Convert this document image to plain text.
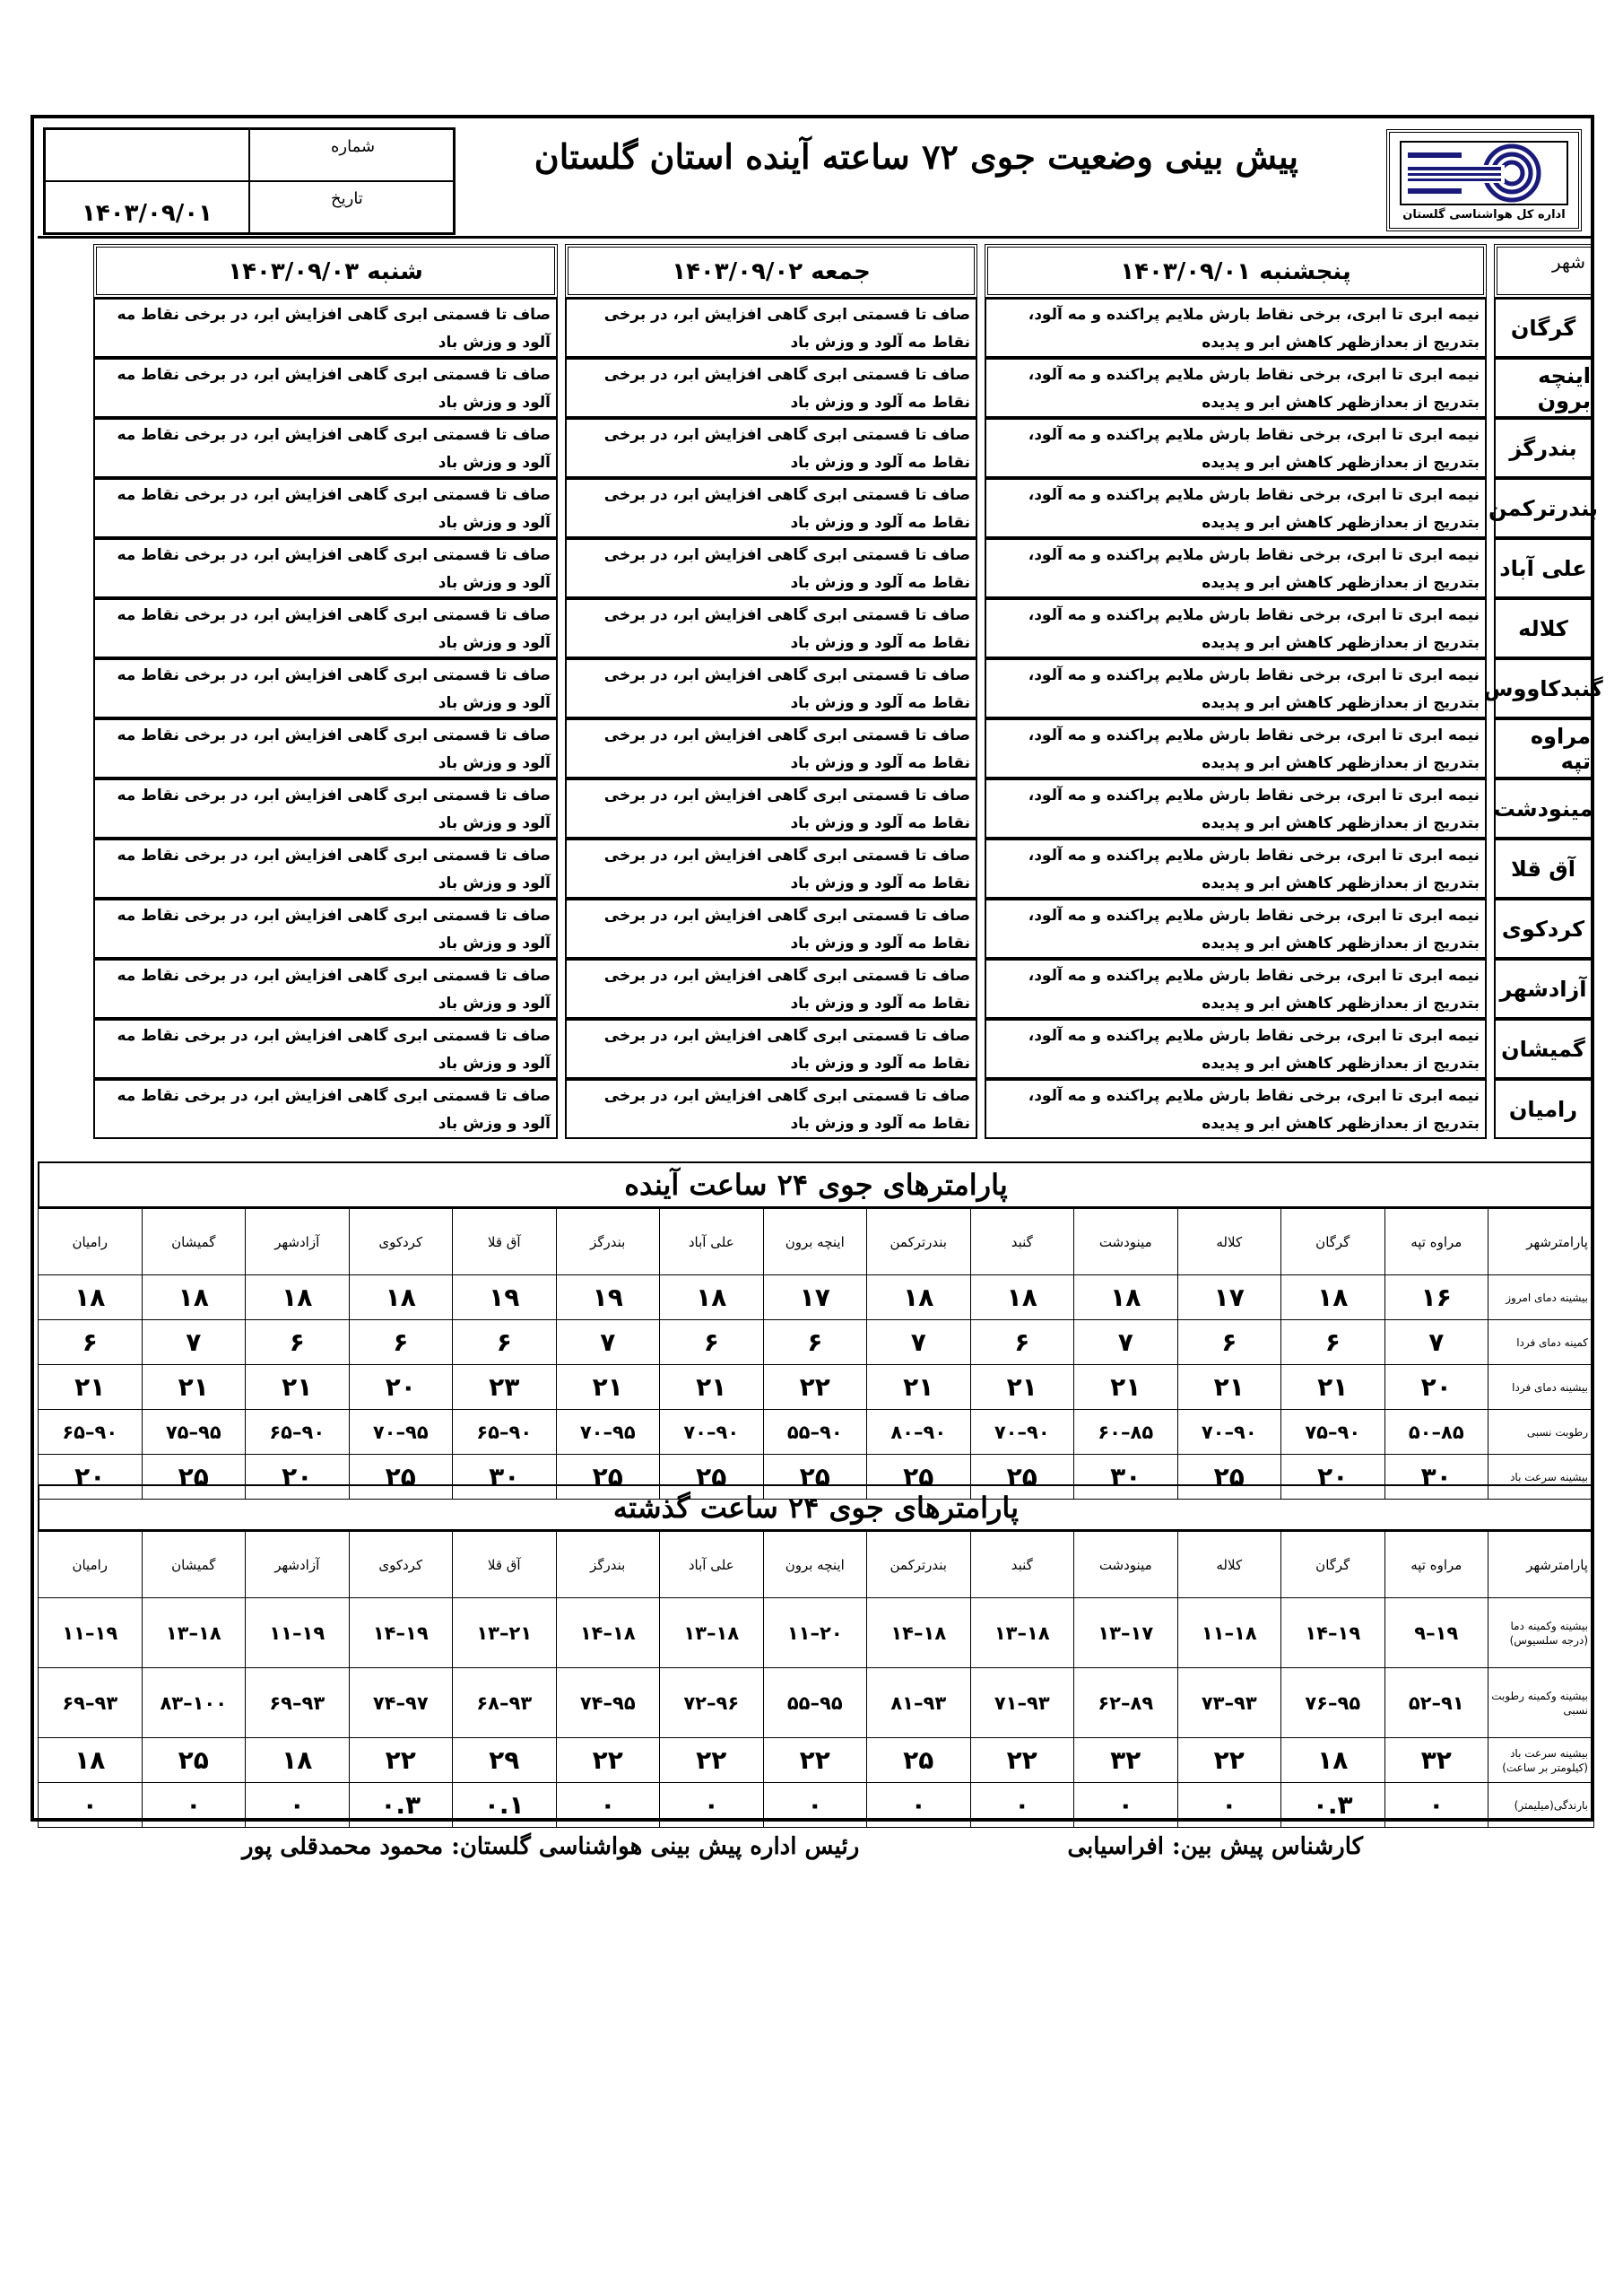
اداره کل هواشناسی گلستان
پیش بینی وضعیت جوی ۷۲ ساعته آینده استان گلستان
شماره
تاریخ
۱۴۰۳/۰۹/۰۱
شهر
پنجشنبه ۱۴۰۳/۰۹/۰۱
جمعه ۱۴۰۳/۰۹/۰۲
شنبه ۱۴۰۳/۰۹/۰۳
گرگان
نیمه ابری تا ابری، برخی نقاط بارش ملایم پراکنده و مه آلود، بتدریج از بعدازظهر کاهش ابر و پدیده
صاف تا قسمتی ابری گاهی افزایش ابر، در برخی نقاط مه آلود و وزش باد
صاف تا قسمتی ابری گاهی افزایش ابر، در برخی نقاط مه آلود و وزش باد
اینچه برون
نیمه ابری تا ابری، برخی نقاط بارش ملایم پراکنده و مه آلود، بتدریج از بعدازظهر کاهش ابر و پدیده
صاف تا قسمتی ابری گاهی افزایش ابر، در برخی نقاط مه آلود و وزش باد
صاف تا قسمتی ابری گاهی افزایش ابر، در برخی نقاط مه آلود و وزش باد
بندرگز
نیمه ابری تا ابری، برخی نقاط بارش ملایم پراکنده و مه آلود، بتدریج از بعدازظهر کاهش ابر و پدیده
صاف تا قسمتی ابری گاهی افزایش ابر، در برخی نقاط مه آلود و وزش باد
صاف تا قسمتی ابری گاهی افزایش ابر، در برخی نقاط مه آلود و وزش باد
بندرترکمن
نیمه ابری تا ابری، برخی نقاط بارش ملایم پراکنده و مه آلود، بتدریج از بعدازظهر کاهش ابر و پدیده
صاف تا قسمتی ابری گاهی افزایش ابر، در برخی نقاط مه آلود و وزش باد
صاف تا قسمتی ابری گاهی افزایش ابر، در برخی نقاط مه آلود و وزش باد
علی آباد
نیمه ابری تا ابری، برخی نقاط بارش ملایم پراکنده و مه آلود، بتدریج از بعدازظهر کاهش ابر و پدیده
صاف تا قسمتی ابری گاهی افزایش ابر، در برخی نقاط مه آلود و وزش باد
صاف تا قسمتی ابری گاهی افزایش ابر، در برخی نقاط مه آلود و وزش باد
کلاله
نیمه ابری تا ابری، برخی نقاط بارش ملایم پراکنده و مه آلود، بتدریج از بعدازظهر کاهش ابر و پدیده
صاف تا قسمتی ابری گاهی افزایش ابر، در برخی نقاط مه آلود و وزش باد
صاف تا قسمتی ابری گاهی افزایش ابر، در برخی نقاط مه آلود و وزش باد
گنبدکاووس
نیمه ابری تا ابری، برخی نقاط بارش ملایم پراکنده و مه آلود، بتدریج از بعدازظهر کاهش ابر و پدیده
صاف تا قسمتی ابری گاهی افزایش ابر، در برخی نقاط مه آلود و وزش باد
صاف تا قسمتی ابری گاهی افزایش ابر، در برخی نقاط مه آلود و وزش باد
مراوه تپه
نیمه ابری تا ابری، برخی نقاط بارش ملایم پراکنده و مه آلود، بتدریج از بعدازظهر کاهش ابر و پدیده
صاف تا قسمتی ابری گاهی افزایش ابر، در برخی نقاط مه آلود و وزش باد
صاف تا قسمتی ابری گاهی افزایش ابر، در برخی نقاط مه آلود و وزش باد
مینودشت
نیمه ابری تا ابری، برخی نقاط بارش ملایم پراکنده و مه آلود، بتدریج از بعدازظهر کاهش ابر و پدیده
صاف تا قسمتی ابری گاهی افزایش ابر، در برخی نقاط مه آلود و وزش باد
صاف تا قسمتی ابری گاهی افزایش ابر، در برخی نقاط مه آلود و وزش باد
آق قلا
نیمه ابری تا ابری، برخی نقاط بارش ملایم پراکنده و مه آلود، بتدریج از بعدازظهر کاهش ابر و پدیده
صاف تا قسمتی ابری گاهی افزایش ابر، در برخی نقاط مه آلود و وزش باد
صاف تا قسمتی ابری گاهی افزایش ابر، در برخی نقاط مه آلود و وزش باد
کردکوی
نیمه ابری تا ابری، برخی نقاط بارش ملایم پراکنده و مه آلود، بتدریج از بعدازظهر کاهش ابر و پدیده
صاف تا قسمتی ابری گاهی افزایش ابر، در برخی نقاط مه آلود و وزش باد
صاف تا قسمتی ابری گاهی افزایش ابر، در برخی نقاط مه آلود و وزش باد
آزادشهر
نیمه ابری تا ابری، برخی نقاط بارش ملایم پراکنده و مه آلود، بتدریج از بعدازظهر کاهش ابر و پدیده
صاف تا قسمتی ابری گاهی افزایش ابر، در برخی نقاط مه آلود و وزش باد
صاف تا قسمتی ابری گاهی افزایش ابر، در برخی نقاط مه آلود و وزش باد
گمیشان
نیمه ابری تا ابری، برخی نقاط بارش ملایم پراکنده و مه آلود، بتدریج از بعدازظهر کاهش ابر و پدیده
صاف تا قسمتی ابری گاهی افزایش ابر، در برخی نقاط مه آلود و وزش باد
صاف تا قسمتی ابری گاهی افزایش ابر، در برخی نقاط مه آلود و وزش باد
رامیان
نیمه ابری تا ابری، برخی نقاط بارش ملایم پراکنده و مه آلود، بتدریج از بعدازظهر کاهش ابر و پدیده
صاف تا قسمتی ابری گاهی افزایش ابر، در برخی نقاط مه آلود و وزش باد
صاف تا قسمتی ابری گاهی افزایش ابر، در برخی نقاط مه آلود و وزش باد
پارامترهای جوی ۲۴ ساعت آینده
پارامترشهر	مراوه تپه	گرگان	کلاله	مینودشت	گنبد	بندرترکمن	اینچه برون	علی آباد	بندرگز	آق قلا	کردکوی	آزادشهر	گمیشان	رامیان
بیشینه دمای امروز	۱۶	۱۸	۱۷	۱۸	۱۸	۱۸	۱۷	۱۸	۱۹	۱۹	۱۸	۱۸	۱۸	۱۸
کمینه دمای فردا	۷	۶	۶	۷	۶	۷	۶	۶	۷	۶	۶	۶	۷	۶
بیشینه دمای فردا	۲۰	۲۱	۲۱	۲۱	۲۱	۲۱	۲۲	۲۱	۲۱	۲۳	۲۰	۲۱	۲۱	۲۱
رطوبت نسبی	۸۵–۵۰	۹۰–۷۵	۹۰–۷۰	۸۵–۶۰	۹۰–۷۰	۹۰–۸۰	۹۰–۵۵	۹۰–۷۰	۹۵–۷۰	۹۰–۶۵	۹۵–۷۰	۹۰–۶۵	۹۵–۷۵	۹۰–۶۵
بیشینه سرعت باد	۳۰	۲۰	۲۵	۳۰	۲۵	۲۵	۲۵	۲۵	۲۵	۳۰	۲۵	۲۰	۲۵	۲۰
پارامترهای جوی ۲۴ ساعت گذشته
پارامترشهر	مراوه تپه	گرگان	کلاله	مینودشت	گنبد	بندرترکمن	اینچه برون	علی آباد	بندرگز	آق قلا	کردکوی	آزادشهر	گمیشان	رامیان
بیشینه وکمینه دما (درجه سلسیوس)	۱۹–۹	۱۹–۱۴	۱۸–۱۱	۱۷–۱۳	۱۸–۱۳	۱۸–۱۴	۲۰–۱۱	۱۸–۱۳	۱۸–۱۴	۲۱–۱۳	۱۹–۱۴	۱۹–۱۱	۱۸–۱۳	۱۹–۱۱
بیشینه وکمینه رطوبت نسبی	۹۱–۵۲	۹۵–۷۶	۹۳–۷۳	۸۹–۶۲	۹۳–۷۱	۹۳–۸۱	۹۵–۵۵	۹۶–۷۲	۹۵–۷۴	۹۳–۶۸	۹۷–۷۴	۹۳–۶۹	۱۰۰–۸۳	۹۳–۶۹
بیشینه سرعت باد (کیلومتر بر ساعت)	۳۲	۱۸	۲۲	۳۲	۲۲	۲۵	۲۲	۲۲	۲۲	۲۹	۲۲	۱۸	۲۵	۱۸
بارندگی(میلیمتر)	۰	۰.۳	۰	۰	۰	۰	۰	۰	۰	۰.۱	۰.۳	۰	۰	۰
کارشناس پیش بین: افراسیابی
رئیس اداره پیش بینی هواشناسی گلستان: محمود محمدقلی پور
